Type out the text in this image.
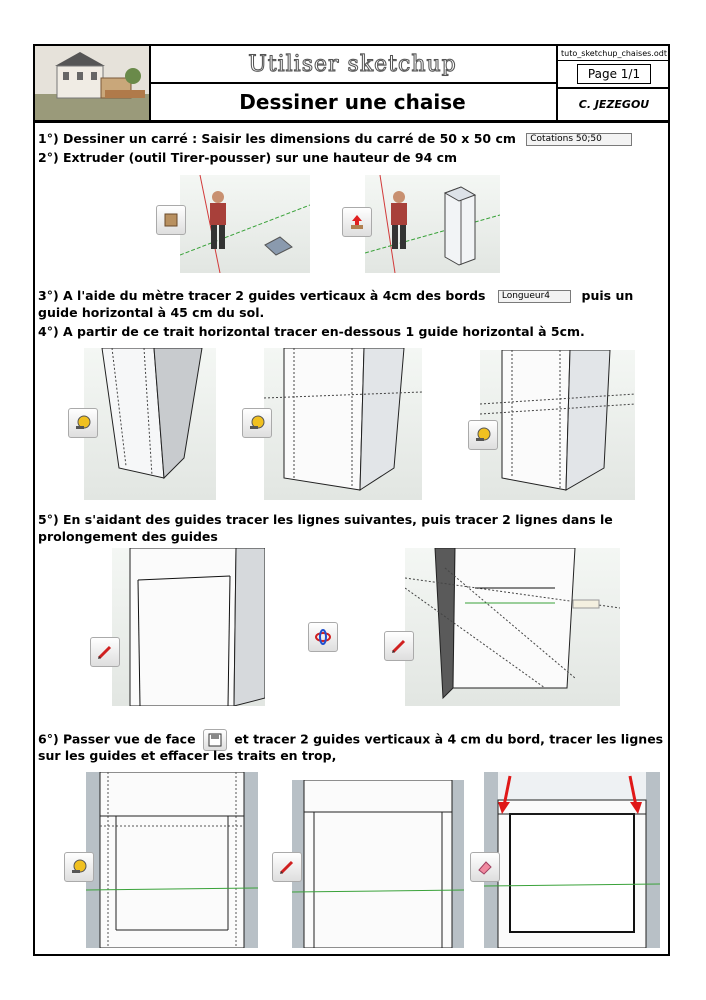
Utiliser sketchup
Dessiner une chaise
tuto_sketchup_chaises.odt
Page 1/1
C. JEZEGOU
1°) Dessiner un carré : Saisir les dimensions du carré de 50 x 50 cm Cotations 50;50
2°) Extruder (outil Tirer-pousser) sur une hauteur de 94 cm
3°) A l'aide du mètre tracer 2 guides verticaux à 4cm des bords Longueur4	puis un
guide horizontal à 45 cm du sol.
4°) A partir de ce trait horizontal tracer en-dessous 1 guide horizontal à 5cm.
5°) En s'aidant des guides tracer les lignes suivantes, puis tracer 2 lignes dans le
prolongement des guides
6°) Passer vue de face	et tracer 2 guides verticaux à 4 cm du bord, tracer les lignes
sur les guides et effacer les traits en trop,
